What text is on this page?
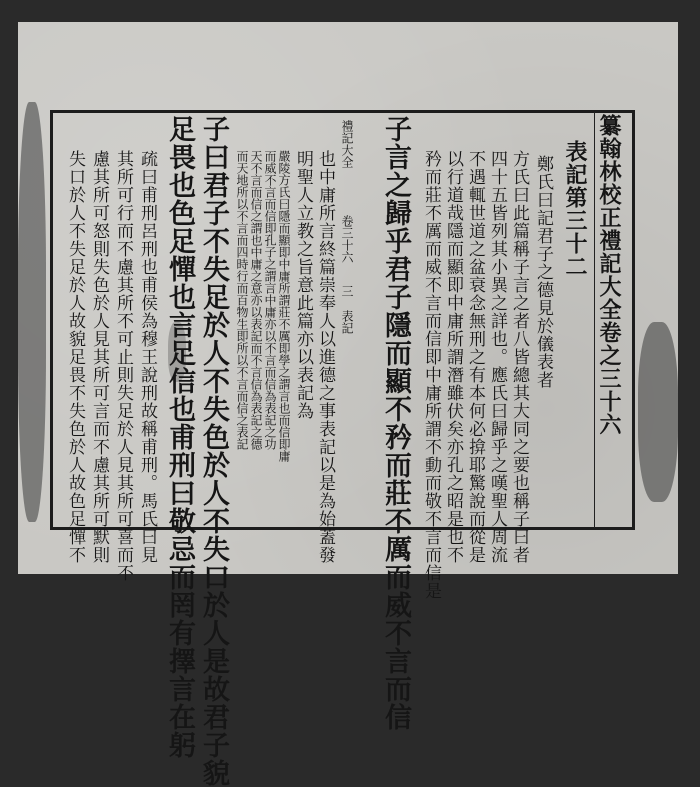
纂翰林校正禮記大全卷之三十六
表記第三十二
鄭氏曰記君子之德見於儀表者
方氏曰此篇稱子言之者八皆總其大同之要也稱子曰者
四十五皆列其小異之詳也。應氏曰歸乎之嘆聖人周流
不遇輒世道之盆衰念無刑之有本何必揜耶驚說而從是
以行道哉隱而顯即中庸所謂潛雖伏矣亦孔之昭是也不
矜而莊不厲而威不言而信即中庸所謂不動而敬不言而信是
子言之歸乎君子隱而顯不矜而莊不厲而威不言而信
禮記大全
卷三十六
三
表記
也中庸所言終篇崇奉人以進德之事表記以是為始蓋發
明聖人立教之旨意此篇亦以表記為
嚴陵方氏曰隱而顯即中庸所謂莊不厲即學之謂言也而信即庸
而威不言而信即孔子之謂言中庸亦以不言而信為表記之功
天不言而信之謂也中庸之意亦以表記而不言信為表記之德
而天地所以不言而四時行而百物生即所以不言而信之表記
子曰君子不失足於人不失色於人不失口於人是故君子貌
足畏也色足憚也言足信也甫刑曰敬忌而罔有擇言在躬
疏曰甫刑呂刑也甫侯為穆王說刑故稱甫刑。馬氏曰見
其所可行而不慮其所不可止則失足於人見其所可喜而不
慮其所可怒則失色於人見其所可言而不慮其所可默則
失口於人不失足於人故貌足畏不失色於人故色足憚不
